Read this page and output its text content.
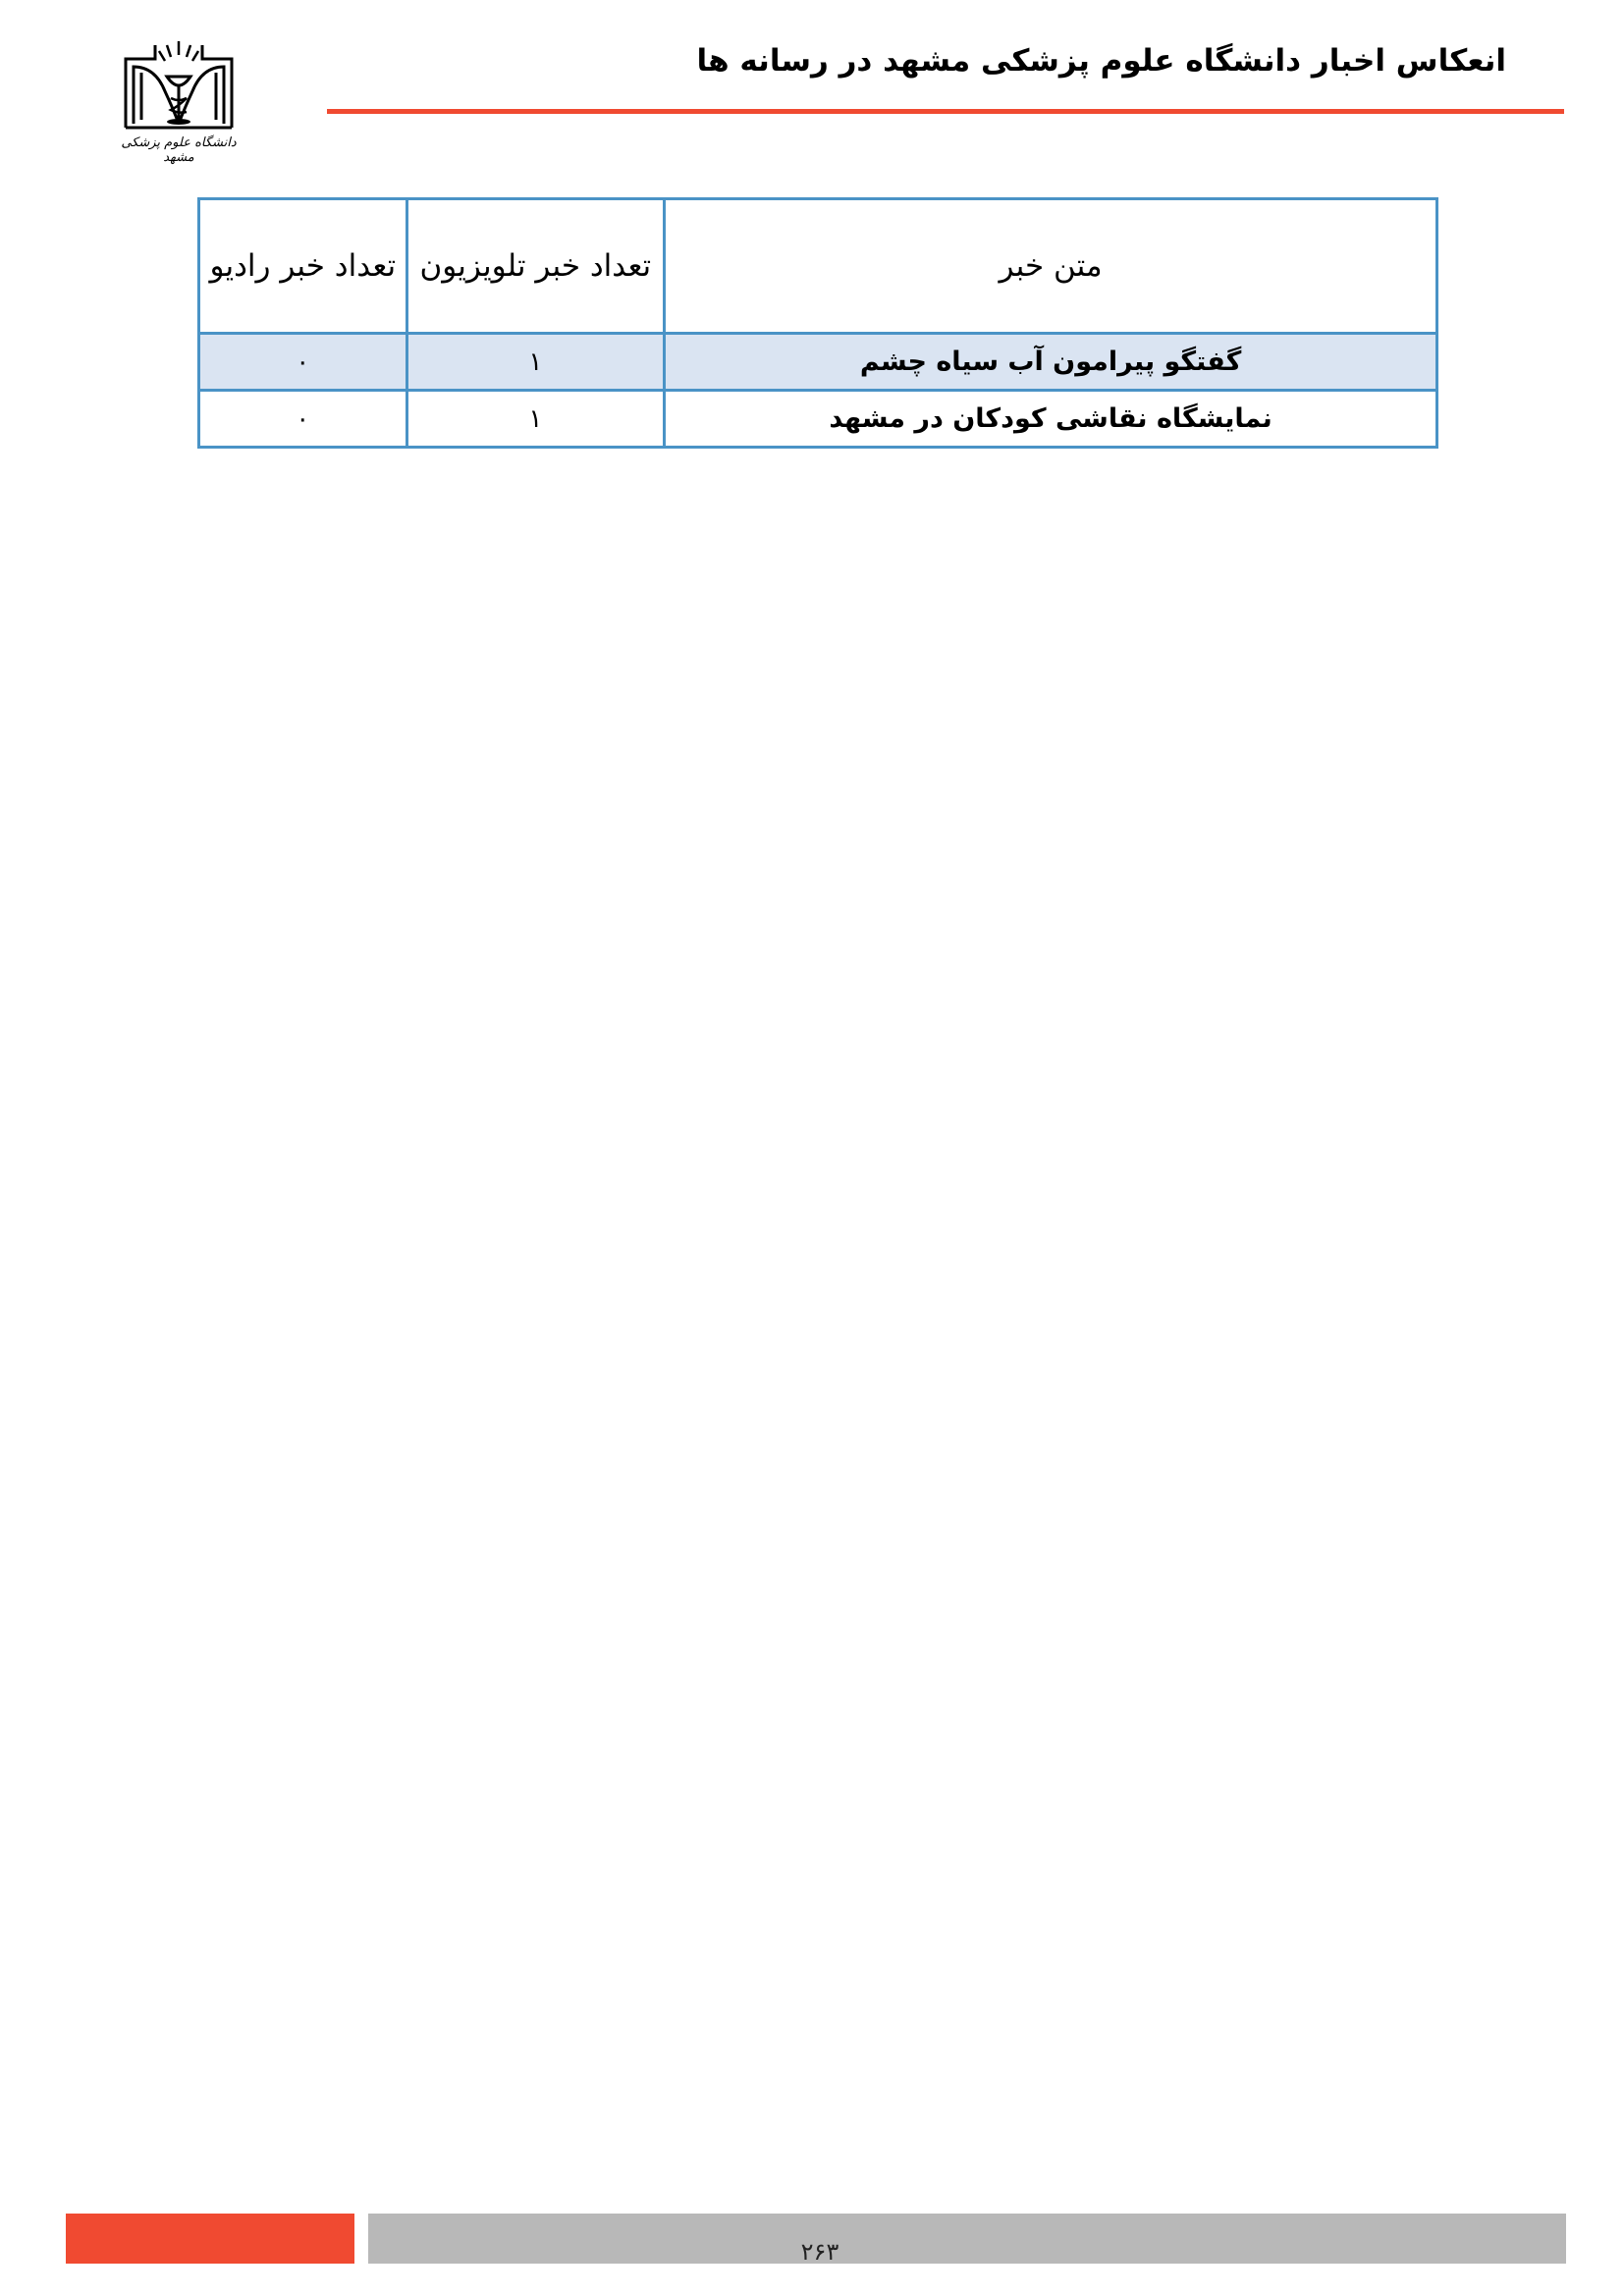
دانشگاه علوم پزشکی مشهد
انعکاس اخبار دانشگاه علوم پزشکی مشهد در رسانه ها
متن خبر	تعداد خبر تلویزیون	تعداد خبر رادیو
گفتگو پیرامون آب سیاه چشم	۱	۰
نمایشگاه نقاشی کودکان در مشهد	۱	۰
۲۶۳
